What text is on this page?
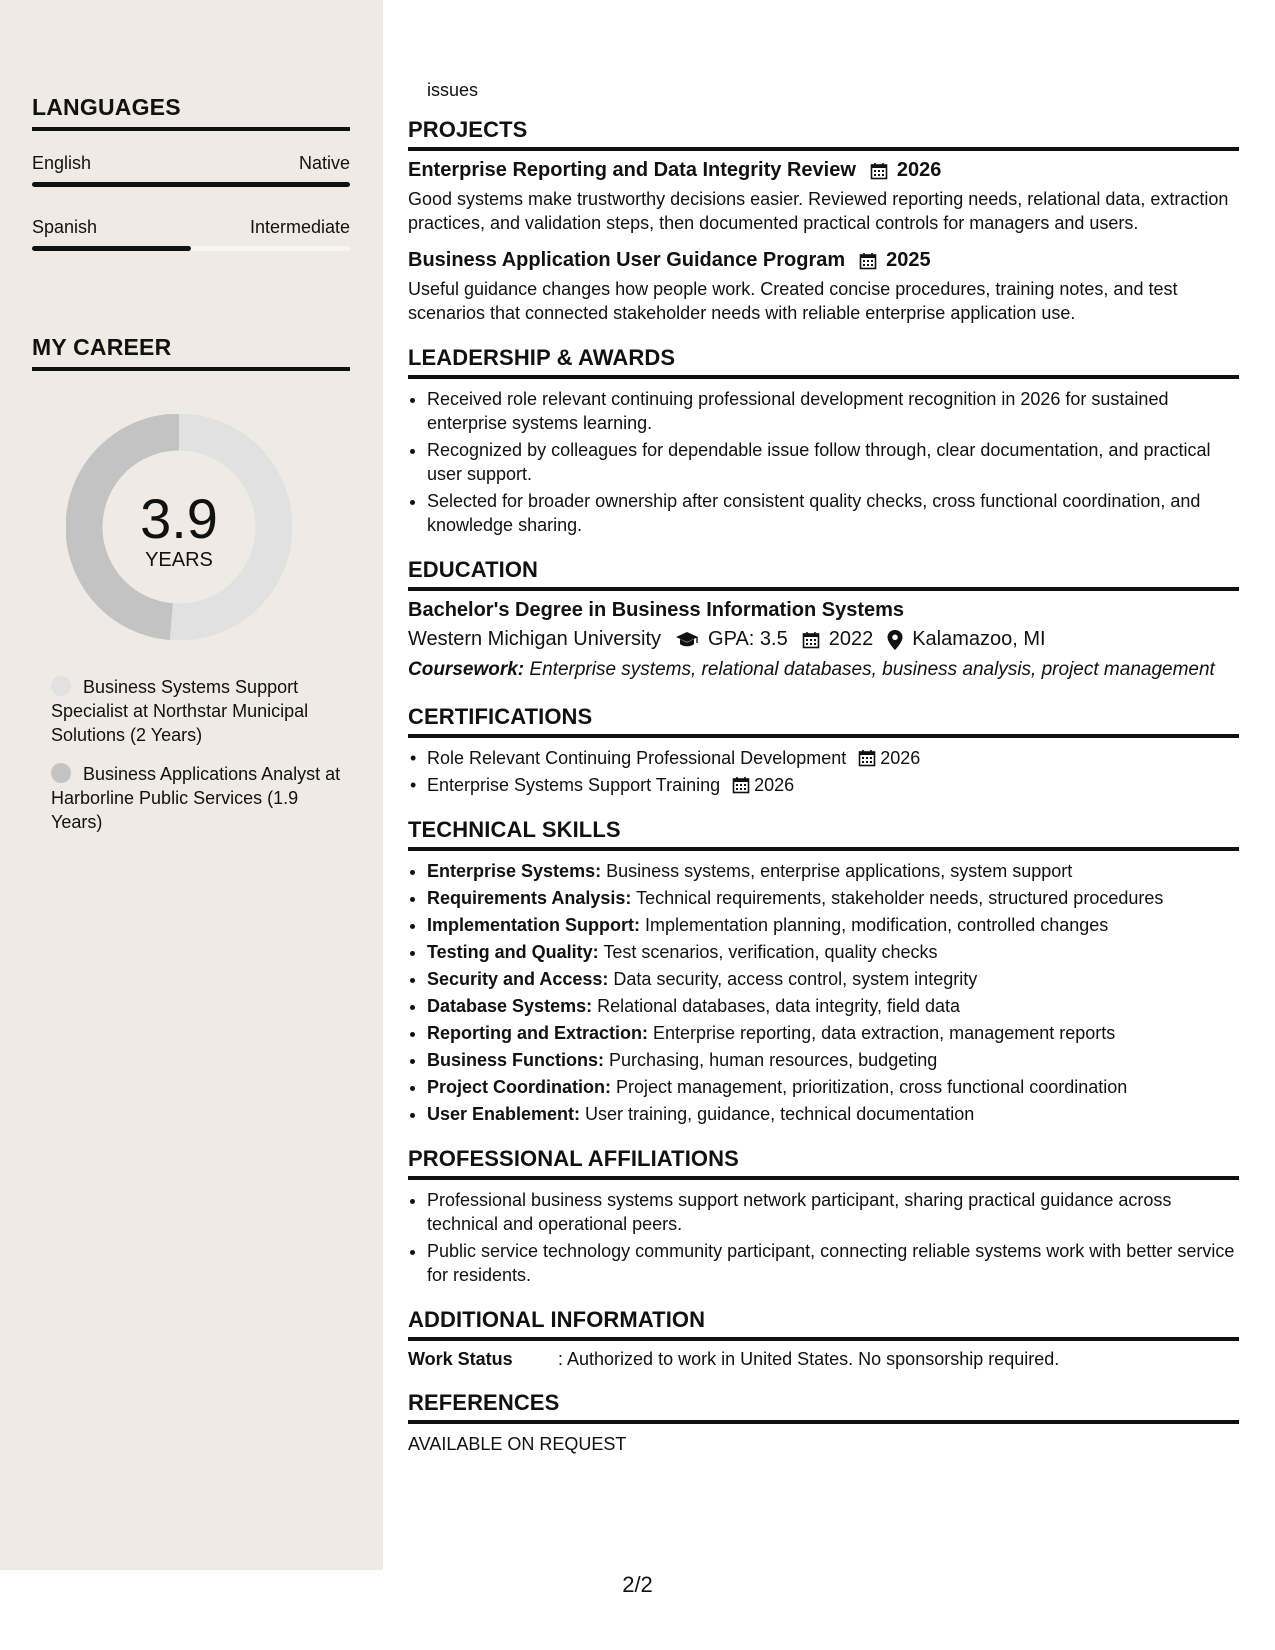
LANGUAGES
English	Native
Spanish	Intermediate
MY CAREER
3.9
YEARS
Business Systems Support Specialist at Northstar Municipal Solutions (2 Years)
Business Applications Analyst at Harborline Public Services (1.9 Years)
issues
PROJECTS
Enterprise Reporting and Data Integrity Review 2026
Good systems make trustworthy decisions easier. Reviewed reporting needs, relational data, extraction practices, and validation steps, then documented practical controls for managers and users.
Business Application User Guidance Program 2025
Useful guidance changes how people work. Created concise procedures, training notes, and test scenarios that connected stakeholder needs with reliable enterprise application use.
LEADERSHIP & AWARDS
• Received role relevant continuing professional development recognition in 2026 for sustained enterprise systems learning.
• Recognized by colleagues for dependable issue follow through, clear documentation, and practical user support.
• Selected for broader ownership after consistent quality checks, cross functional coordination, and knowledge sharing.
EDUCATION
Bachelor's Degree in Business Information Systems
Western Michigan University GPA: 3.5 2022 Kalamazoo, MI
Coursework: Enterprise systems, relational databases, business analysis, project management
CERTIFICATIONS
• Role Relevant Continuing Professional Development 2026
• Enterprise Systems Support Training 2026
TECHNICAL SKILLS
• Enterprise Systems: Business systems, enterprise applications, system support
• Requirements Analysis: Technical requirements, stakeholder needs, structured procedures
• Implementation Support: Implementation planning, modification, controlled changes
• Testing and Quality: Test scenarios, verification, quality checks
• Security and Access: Data security, access control, system integrity
• Database Systems: Relational databases, data integrity, field data
• Reporting and Extraction: Enterprise reporting, data extraction, management reports
• Business Functions: Purchasing, human resources, budgeting
• Project Coordination: Project management, prioritization, cross functional coordination
• User Enablement: User training, guidance, technical documentation
PROFESSIONAL AFFILIATIONS
• Professional business systems support network participant, sharing practical guidance across technical and operational peers.
• Public service technology community participant, connecting reliable systems work with better service for residents.
ADDITIONAL INFORMATION
Work Status	: Authorized to work in United States. No sponsorship required.
REFERENCES
AVAILABLE ON REQUEST
2/2
